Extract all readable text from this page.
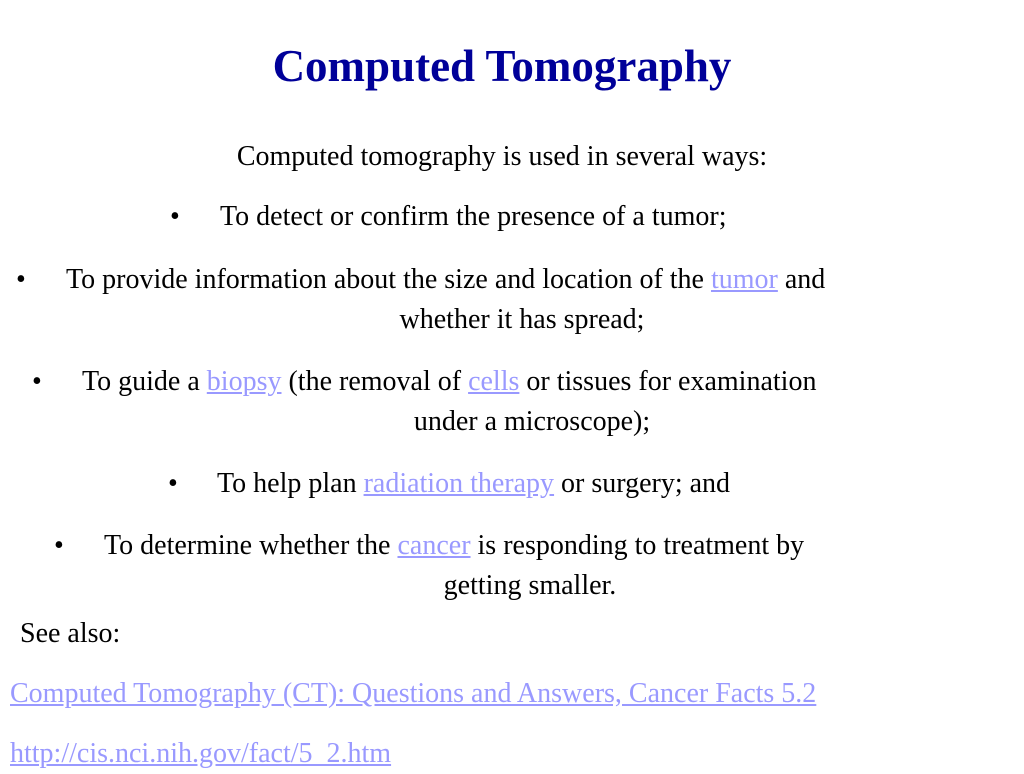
Computed Tomography
Computed tomography is used in several ways:
• To detect or confirm the presence of a tumor;
• To provide information about the size and location of the tumor and
whether it has spread;
• To guide a biopsy (the removal of cells or tissues for examination
under a microscope);
• To help plan radiation therapy or surgery; and
• To determine whether the cancer is responding to treatment by
getting smaller.
See also:
Computed Tomography (CT): Questions and Answers, Cancer Facts 5.2
http://cis.nci.nih.gov/fact/5_2.htm
